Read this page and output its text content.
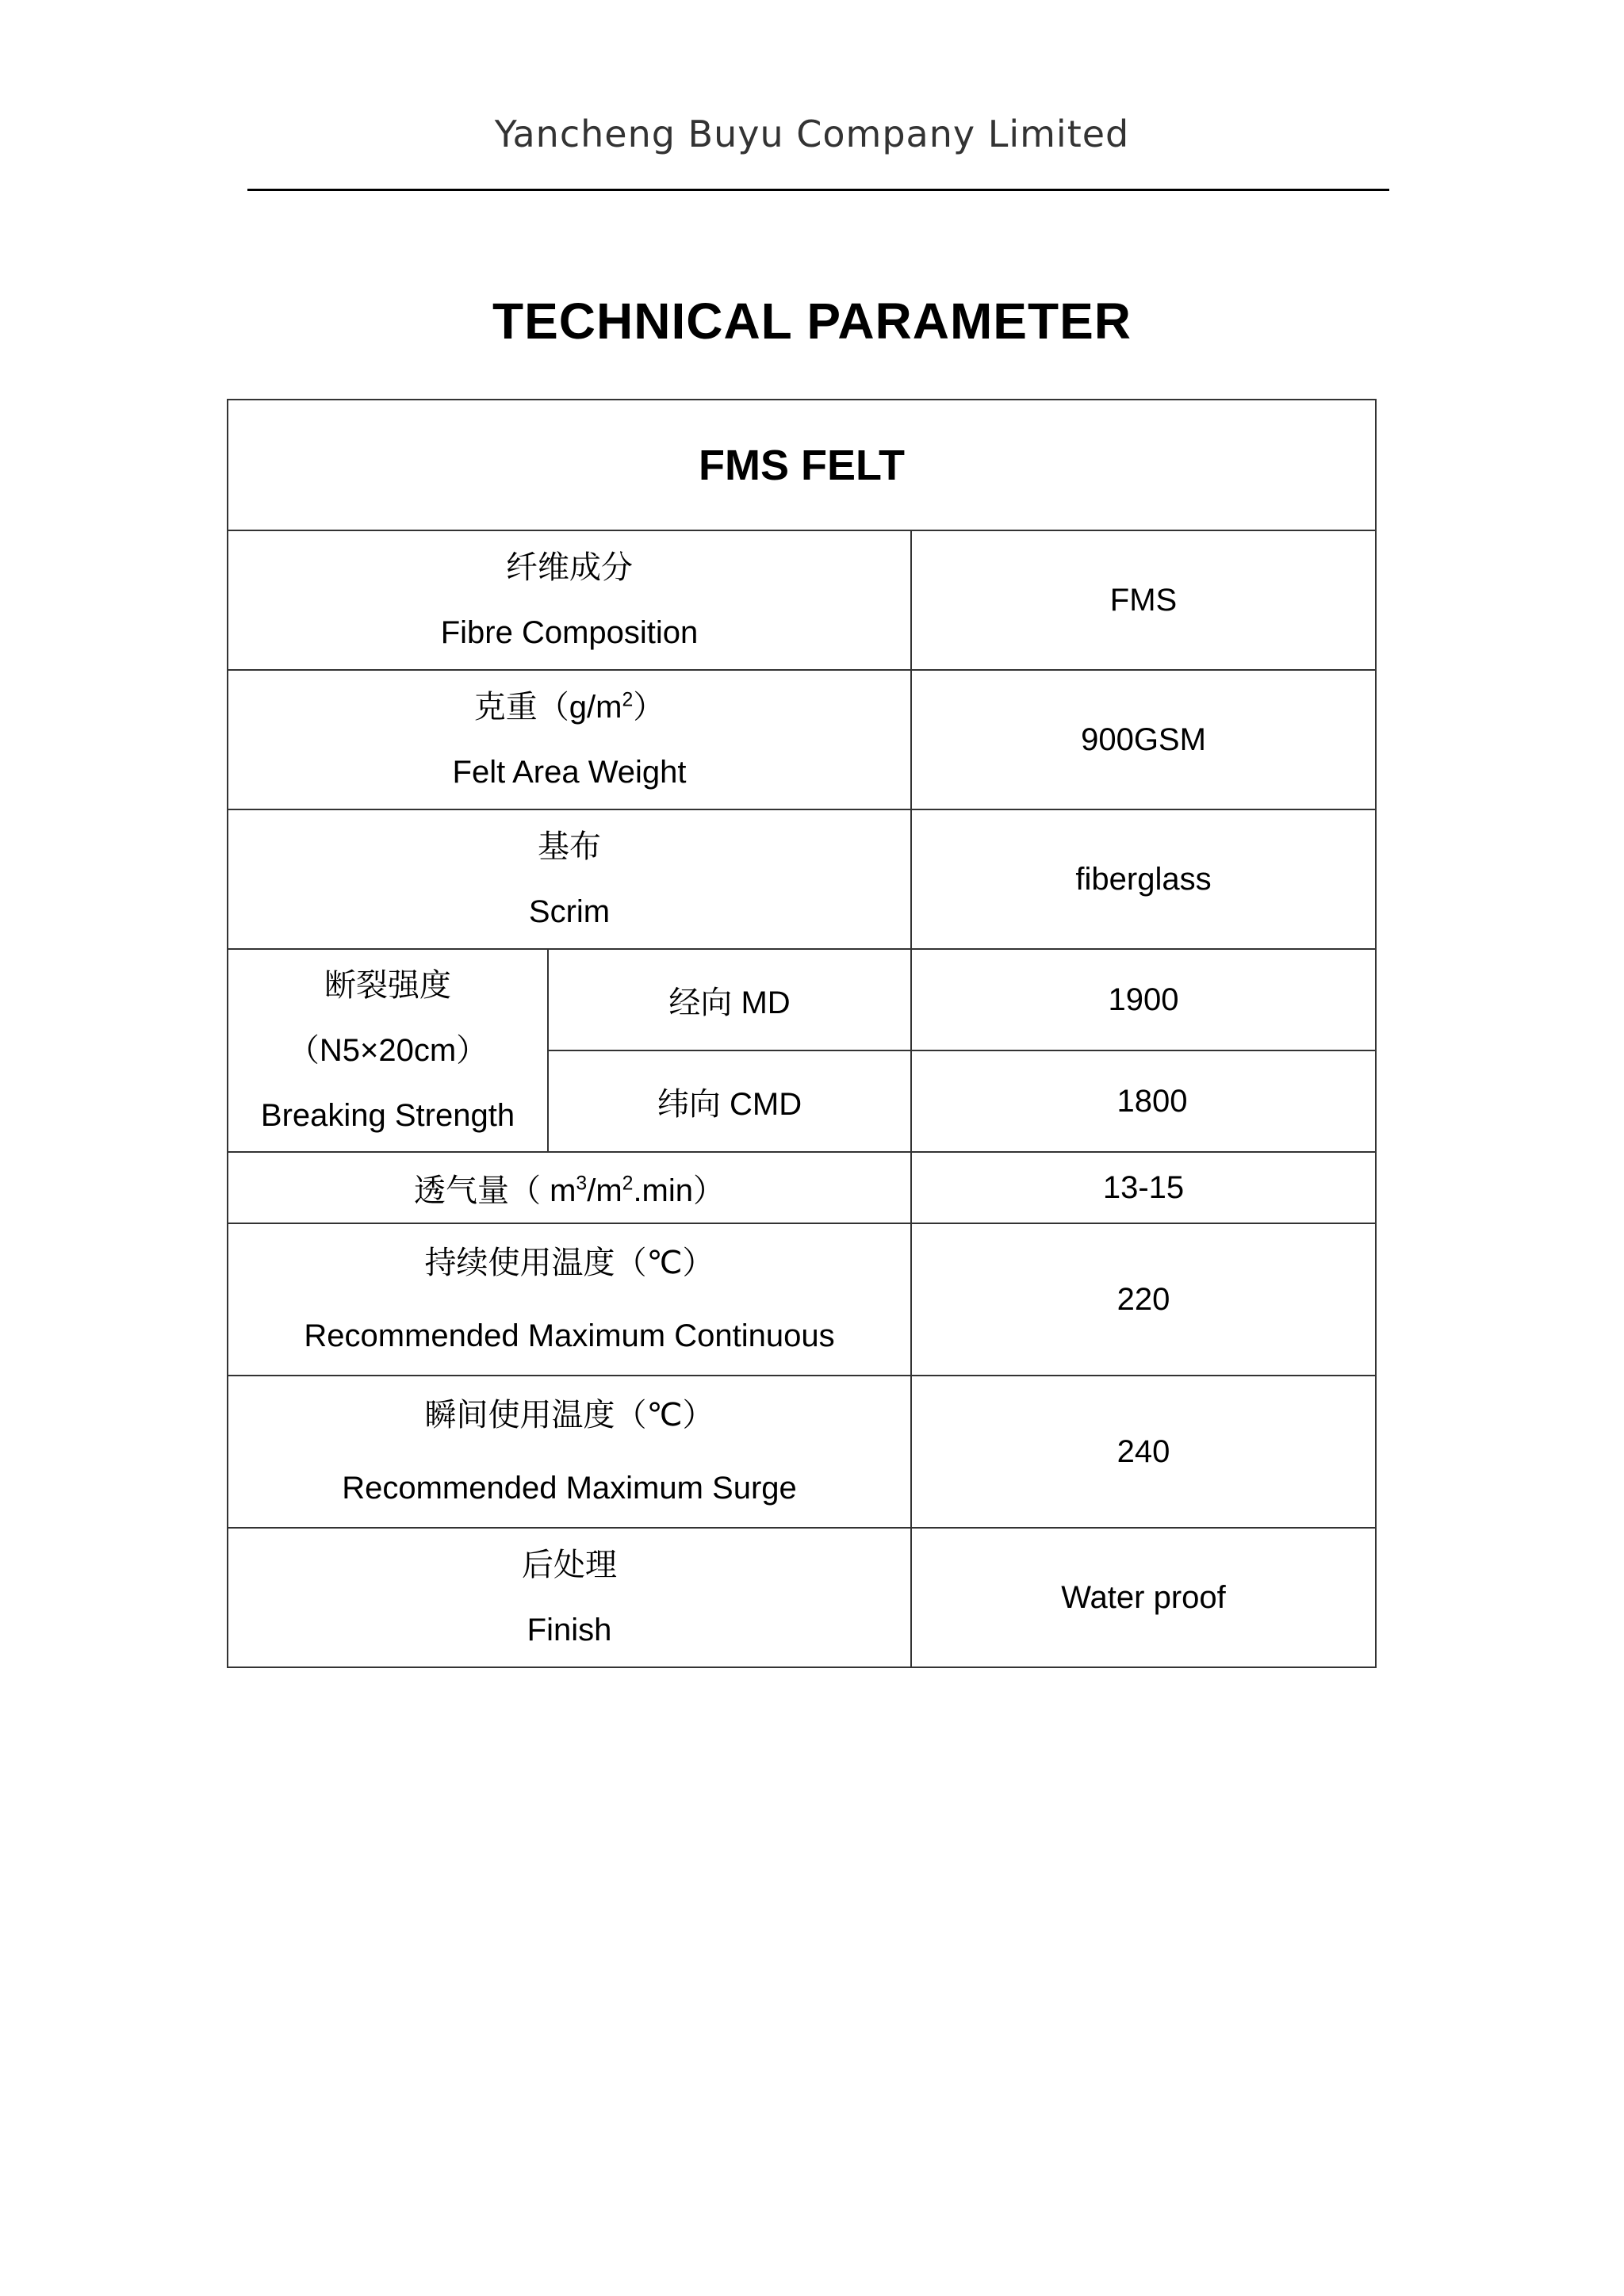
Yancheng Buyu Company Limited
TECHNICAL PARAMETER
FMS FELT		

纤维成分
Fibre Composition		FMS

克重$(g/m^2)$
Felt Area Weight		900GSM

基布
Scrim		fiberglass

断裂强度
（N5×20cm）
Breaking Strength	经向 MD	1900
	纬向 CMD	1800
透气量（ $m^3/m^2.\min$）		13-15

持续使用温度（℃）
Recommended Maximum Continuous		220

瞬间使用温度（℃）
Recommended Maximum Surge		240

后处理
Finish		Water proof
